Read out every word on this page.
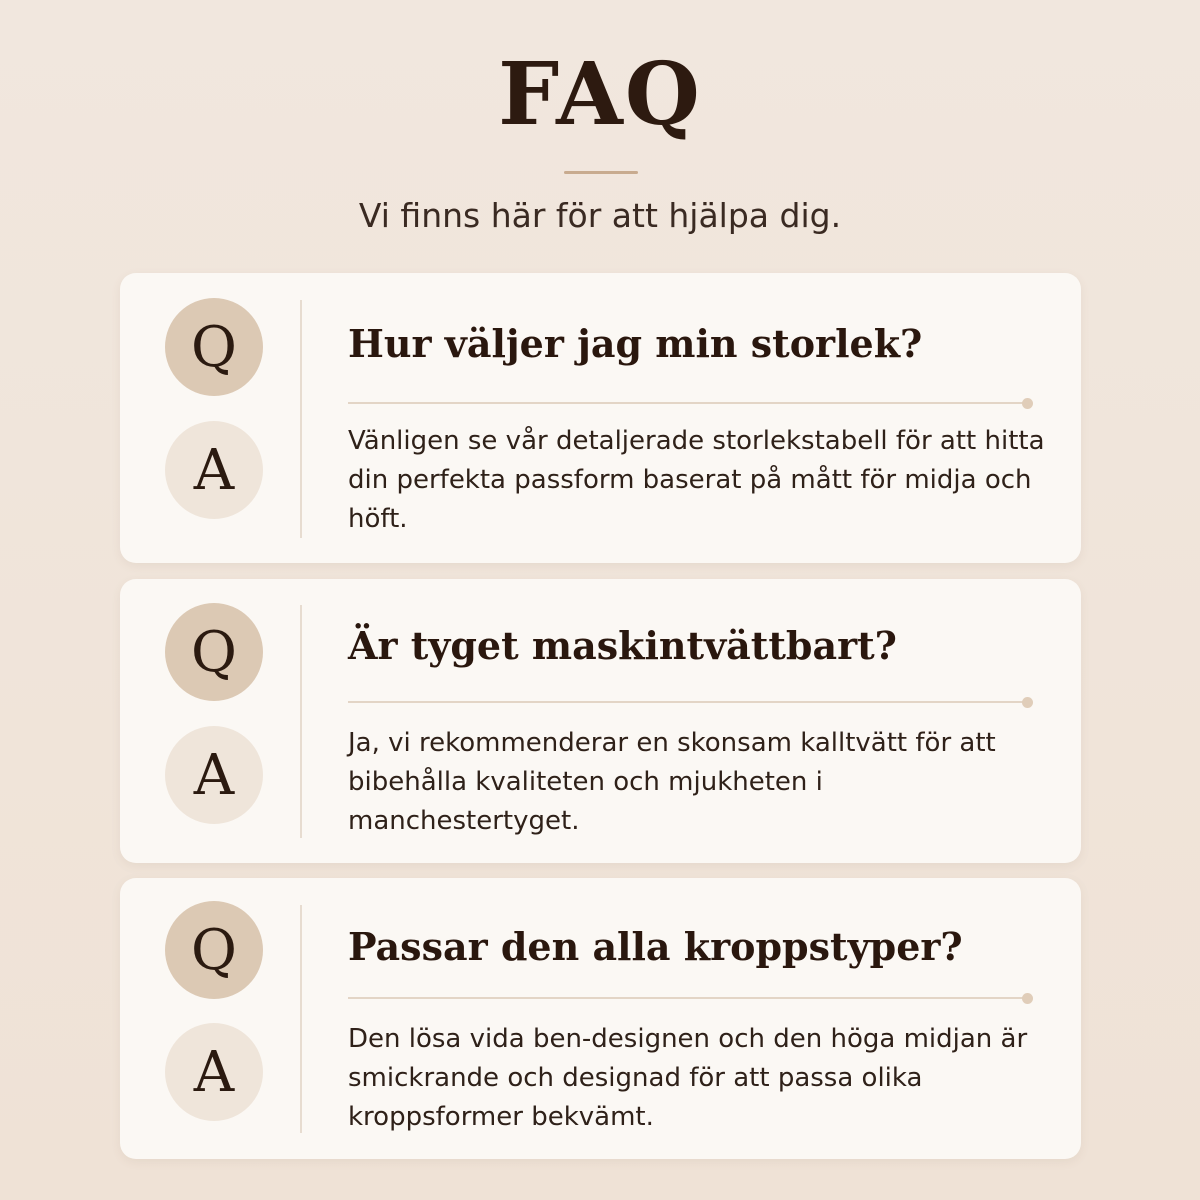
FAQ

Vi finns här för att hjälpa dig.

Q
A
Hur väljer jag min storlek?

Vänligen se vår detaljerade storlekstabell för att hitta din perfekta passform baserat på mått för midja och höft.

Q
A
Är tyget maskintvättbart?

Ja, vi rekommenderar en skonsam kalltvätt för att bibehålla kvaliteten och mjukheten i manchestertyget.

Q
A
Passar den alla kroppstyper?

Den lösa vida ben-designen och den höga midjan är smickrande och designad för att passa olika kroppsformer bekvämt.
